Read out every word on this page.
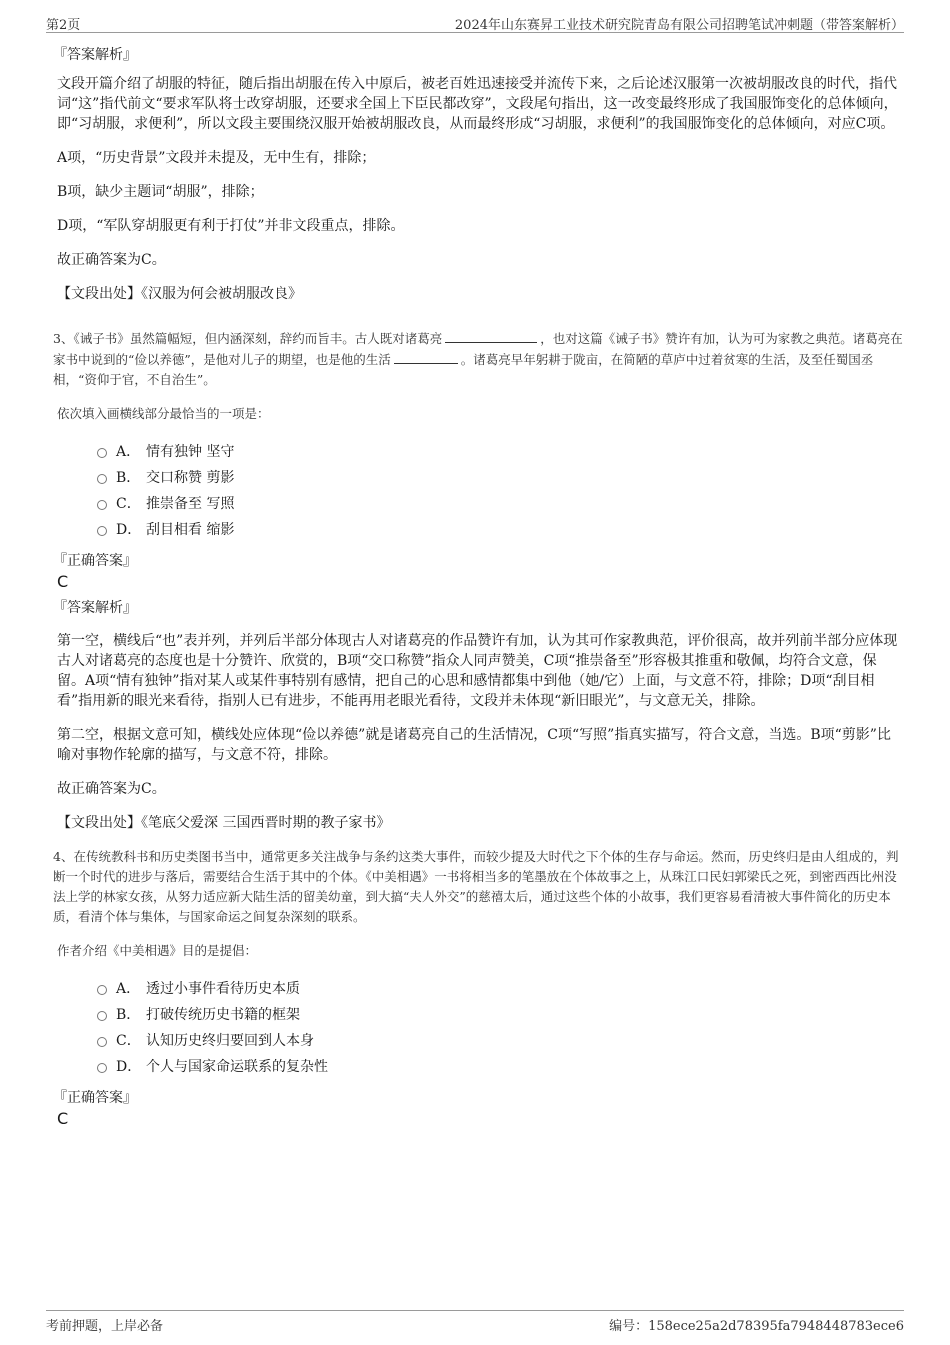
第2页	2024年山东赛昇工业技术研究院青岛有限公司招聘笔试冲刺题（带答案解析）
『答案解析』

文段开篇介绍了胡服的特征，随后指出胡服在传入中原后，被老百姓迅速接受并流传下来，之后论述汉服第一次被胡服改良的时代，指代词“这”指代前文“要求军队将士改穿胡服，还要求全国上下臣民都改穿”，文段尾句指出，这一改变最终形成了我国服饰变化的总体倾向，即“习胡服，求便利”，所以文段主要围绕汉服开始被胡服改良，从而最终形成“习胡服，求便利”的我国服饰变化的总体倾向，对应C项。

A项，“历史背景”文段并未提及，无中生有，排除；

B项，缺少主题词“胡服”，排除；

D项，“军队穿胡服更有利于打仗”并非文段重点，排除。

故正确答案为C。

【文段出处】《汉服为何会被胡服改良》

3、《诫子书》虽然篇幅短，但内涵深刻，辞约而旨丰。古人既对诸葛亮	，也对这篇《诫子书》赞许有加，认为可为家教之典范。诸葛亮在家书中说到的“俭以养德”，是他对儿子的期望，也是他的生活	。诸葛亮早年躬耕于陇亩，在简陋的草庐中过着贫寒的生活，及至任蜀国丞相，“资仰于官，不自治生”。

依次填入画横线部分最恰当的一项是：

A． 情有独钟 坚守
B． 交口称赞 剪影
C． 推崇备至 写照
D． 刮目相看 缩影
『正确答案』
C
『答案解析』

第一空，横线后“也”表并列，并列后半部分体现古人对诸葛亮的作品赞许有加，认为其可作家教典范，评价很高，故并列前半部分应体现古人对诸葛亮的态度也是十分赞许、欣赏的，B项“交口称赞”指众人同声赞美，C项“推崇备至”形容极其推重和敬佩，均符合文意，保留。A项“情有独钟”指对某人或某件事特别有感情，把自己的心思和感情都集中到他（她/它）上面，与文意不符，排除；D项“刮目相看”指用新的眼光来看待，指别人已有进步，不能再用老眼光看待，文段并未体现“新旧眼光”，与文意无关，排除。

第二空，根据文意可知，横线处应体现“俭以养德”就是诸葛亮自己的生活情况，C项“写照”指真实描写，符合文意，当选。B项“剪影”比喻对事物作轮廓的描写，与文意不符，排除。

故正确答案为C。

【文段出处】《笔底父爱深 三国西晋时期的教子家书》

4、在传统教科书和历史类图书当中，通常更多关注战争与条约这类大事件，而较少提及大时代之下个体的生存与命运。然而，历史终归是由人组成的，判断一个时代的进步与落后，需要结合生活于其中的个体。《中美相遇》一书将相当多的笔墨放在个体故事之上，从珠江口民妇郭梁氏之死，到密西西比州没法上学的林家女孩，从努力适应新大陆生活的留美幼童，到大搞“夫人外交”的慈禧太后，通过这些个体的小故事，我们更容易看清被大事件简化的历史本质，看清个体与集体，与国家命运之间复杂深刻的联系。

作者介绍《中美相遇》目的是提倡：

A． 透过小事件看待历史本质
B． 打破传统历史书籍的框架
C． 认知历史终归要回到人本身
D． 个人与国家命运联系的复杂性
『正确答案』
C
考前押题，上岸必备	编号：158ece25a2d78395fa7948448783ece6
